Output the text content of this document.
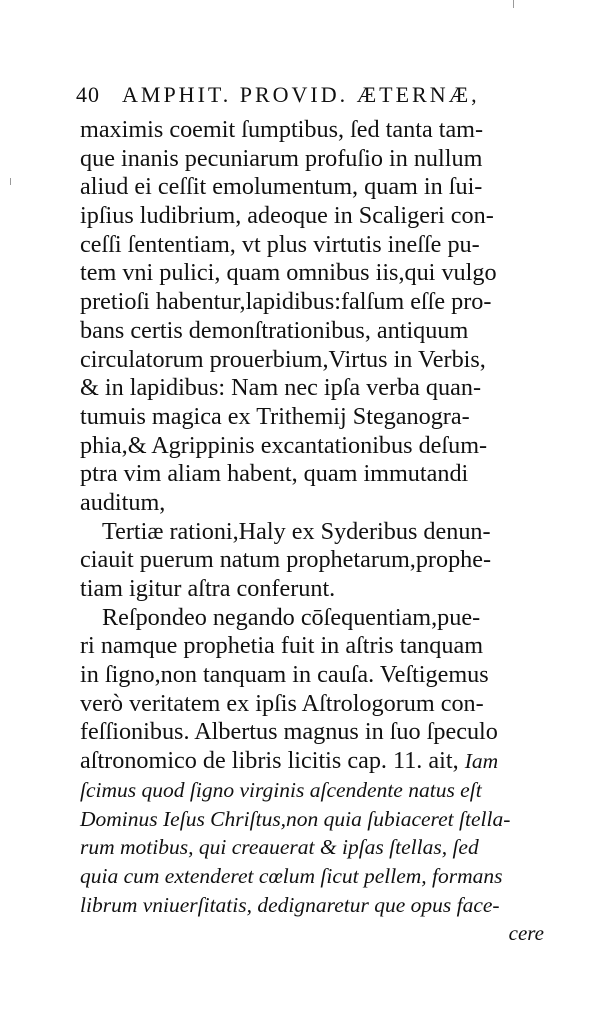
40 AMPHIT. PROVID. ÆTERNÆ,
maximis coemit ſumptibus, ſed tanta tam-
que inanis pecuniarum profuſio in nullum
aliud ei ceſſit emolumentum, quam in ſui-
ipſius ludibrium, adeoque in Scaligeri con-
ceſſi ſententiam, vt plus virtutis ineſſe pu-
tem vni pulici, quam omnibus iis,qui vulgo
pretioſi habentur,lapidibus:falſum eſſe pro-
bans certis demonſtrationibus, antiquum
circulatorum prouerbium,Virtus in Verbis,
& in lapidibus: Nam nec ipſa verba quan-
tumuis magica ex Trithemij Steganogra-
phia,& Agrippinis excantationibus deſum-
ptra vim aliam habent, quam immutandi
auditum,
Tertiæ rationi,Haly ex Syderibus denun-
ciauit puerum natum prophetarum,prophe-
tiam igitur aſtra conferunt.
Reſpondeo negando cōſequentiam,pue-
ri namque prophetia fuit in aſtris tanquam
in ſigno,non tanquam in cauſa. Veſtigemus
verò veritatem ex ipſis Aſtrologorum con-
feſſionibus. Albertus magnus in ſuo ſpeculo
aſtronomico de libris licitis cap. 11. ait, Iam
ſcimus quod ſigno virginis aſcendente natus eſt
Dominus Ieſus Chriſtus,non quia ſubiaceret ſtella-
rum motibus, qui creauerat & ipſas ſtellas, ſed
quia cum extenderet cœlum ſicut pellem, formans
librum vniuerſitatis, dedignaretur que opus face-
cere
